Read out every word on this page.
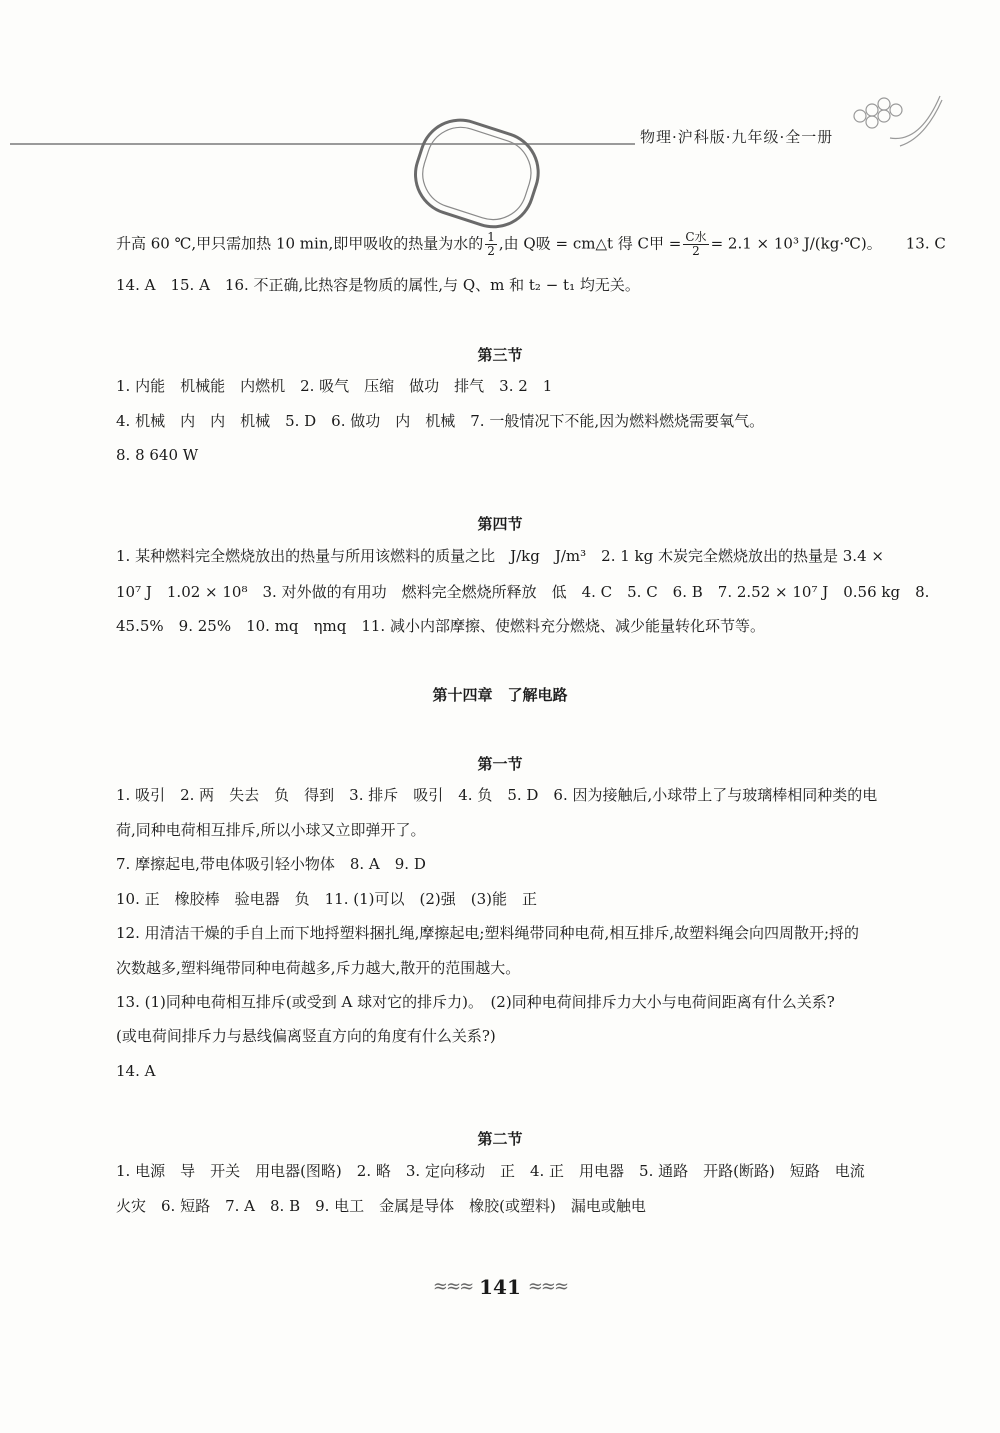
物理·沪科版·九年级·全一册
升高 60 ℃,甲只需加热 10 min,即甲吸收的热量为水的 $\frac{1}{2}$ ,由 Q吸 = cm△t 得 C甲 = $\frac{\text{C水}}{2} = 2.1 \times 10^3$ J/(kg·℃)。 13. C
14. A　15. A　16. 不正确,比热容是物质的属性,与 Q、m 和 t₂ − t₁ 均无关。
第三节
1. 内能　机械能　内燃机　2. 吸气　压缩　做功　排气　3. 2　1
4. 机械　内　内　机械　5. D　6. 做功　内　机械　7. 一般情况下不能,因为燃料燃烧需要氧气。
8. 8 640 W
第四节
1. 某种燃料完全燃烧放出的热量与所用该燃料的质量之比　J/kg　J/m³　2. 1 kg 木炭完全燃烧放出的热量是 3.4 ×
10⁷ J　1.02 × 10⁸　3. 对外做的有用功　燃料完全燃烧所释放　低　4. C　5. C　6. B　7. 2.52 × 10⁷ J　0.56 kg　8.
45.5%　9. 25%　10. mq　ηmq　11. 减小内部摩擦、使燃料充分燃烧、减少能量转化环节等。
第十四章　了解电路
第一节
1. 吸引　2. 两　失去　负　得到　3. 排斥　吸引　4. 负　5. D　6. 因为接触后,小球带上了与玻璃棒相同种类的电
荷,同种电荷相互排斥,所以小球又立即弹开了。
7. 摩擦起电,带电体吸引轻小物体　8. A　9. D
10. 正　橡胶棒　验电器　负　11. (1)可以　(2)强　(3)能　正
12. 用清洁干燥的手自上而下地捋塑料捆扎绳,摩擦起电;塑料绳带同种电荷,相互排斥,故塑料绳会向四周散开;捋的
次数越多,塑料绳带同种电荷越多,斥力越大,散开的范围越大。
13. (1)同种电荷相互排斥(或受到 A 球对它的排斥力)。　(2)同种电荷间排斥力大小与电荷间距离有什么关系?
(或电荷间排斥力与悬线偏离竖直方向的角度有什么关系?)
14. A
第二节
1. 电源　导　开关　用电器(图略)　2. 略　3. 定向移动　正　4. 正　用电器　5. 通路　开路(断路)　短路　电流
火灾　6. 短路　7. A　8. B　9. 电工　金属是导体　橡胶(或塑料)　漏电或触电
≈≈≈ 141 ≈≈≈
